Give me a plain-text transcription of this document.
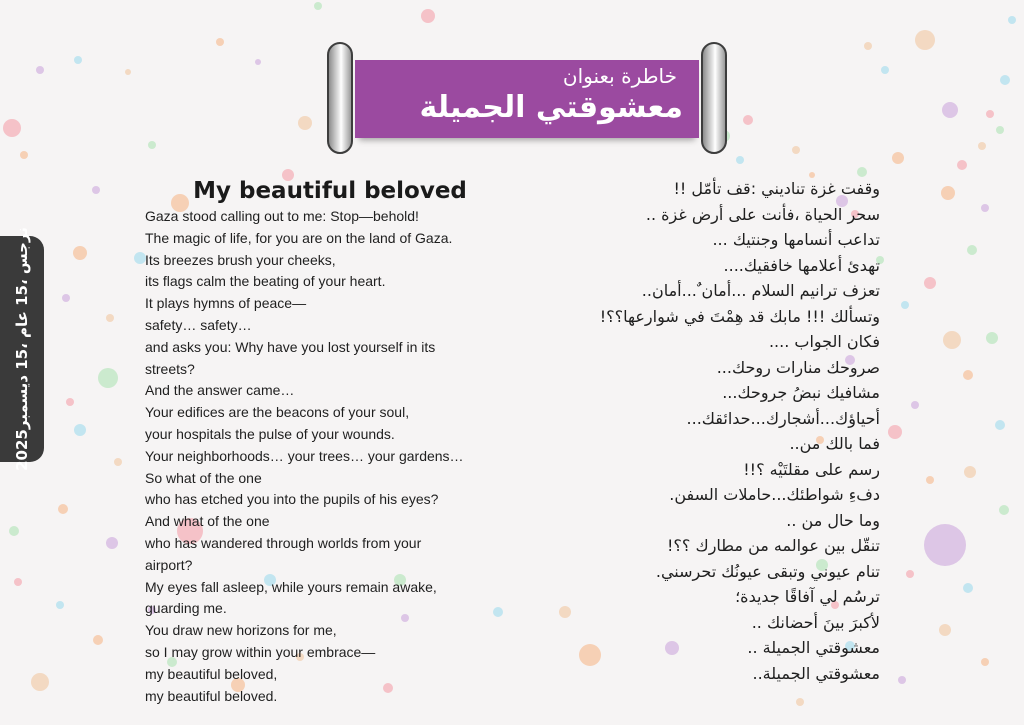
خاطرة بعنوان
معشوقتي الجميلة
نرجس ،15 عام ،15 ديسمبر2025
My beautiful beloved
Gaza stood calling out to me: Stop—behold!
The magic of life, for you are on the land of Gaza.
Its breezes brush your cheeks,
its flags calm the beating of your heart.
It plays hymns of peace—
safety… safety…
and asks you: Why have you lost yourself in its
streets?
And the answer came…
Your edifices are the beacons of your soul,
your hospitals the pulse of your wounds.
Your neighborhoods… your trees… your gardens…
So what of the one
who has etched you into the pupils of his eyes?
And what of the one
who has wandered through worlds from your
airport?
My eyes fall asleep, while yours remain awake,
guarding me.
You draw new horizons for me,
so I may grow within your embrace—
my beautiful beloved,
my beautiful beloved.
وقفت غزة تناديني :قف تأمّل !!
سحر الحياة ،فأنت على أرض غزة ..
تداعب أنسامها وجنتيك ...
تهدئ أعلامها خافقيك....
تعزف ترانيم السلام ...أمان ٌ...أمان..
وتسألك !!! مابك قد هِمْتَ في شوارعها؟؟!
فكان الجواب ....
صروحك منارات روحك...
مشافيك نبضُ جروحك...
أحياؤك...أشجارك...حدائقك...
فما بالك من..
رسم على مقلتَيْه ؟!!
دفءِ شواطئك...حاملات السفن.
وما حال من ..
تنقّل بين عوالمه من مطارك ؟؟!
تنام عيوني وتبقى عيونُك تحرسني.
ترسُم لي آفاقًا جديدة؛
لأكبرَ بينَ أحضانك ..
معشوقتي الجميلة ..
معشوقتي الجميلة..
